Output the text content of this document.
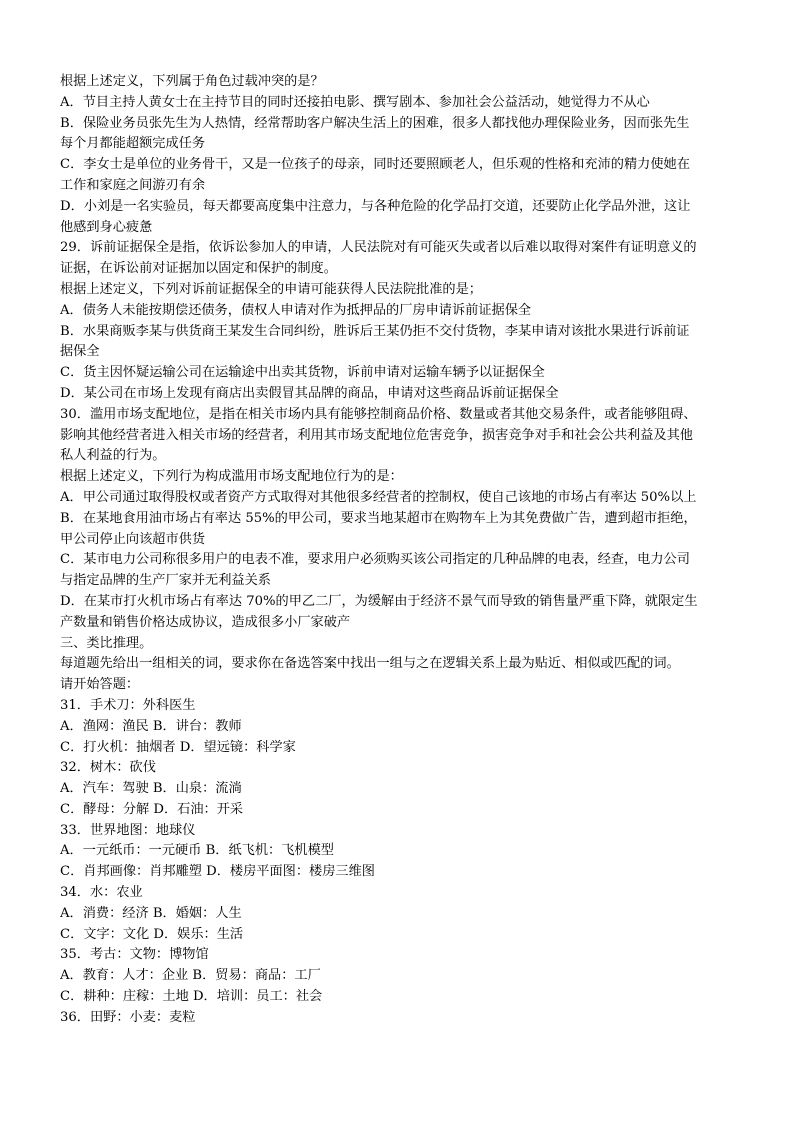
根据上述定义，下列属于角色过载冲突的是？
A．节目主持人黄女士在主持节目的同时还接拍电影、撰写剧本、参加社会公益活动，她觉得力不从心
B．保险业务员张先生为人热情，经常帮助客户解决生活上的困难，很多人都找他办理保险业务，因而张先生
每个月都能超额完成任务
C．李女士是单位的业务骨干，又是一位孩子的母亲，同时还要照顾老人，但乐观的性格和充沛的精力使她在
工作和家庭之间游刃有余
D．小刘是一名实验员，每天都要高度集中注意力，与各种危险的化学品打交道，还要防止化学品外泄，这让
他感到身心疲惫
29．诉前证据保全是指，依诉讼参加人的申请，人民法院对有可能灭失或者以后难以取得对案件有证明意义的
证据，在诉讼前对证据加以固定和保护的制度。
根据上述定义，下列对诉前证据保全的申请可能获得人民法院批准的是；
A．债务人未能按期偿还债务，债权人申请对作为抵押品的厂房申请诉前证据保全
B．水果商贩李某与供货商王某发生合同纠纷，胜诉后王某仍拒不交付货物，李某申请对该批水果进行诉前证
据保全
C．货主因怀疑运输公司在运输途中出卖其货物，诉前申请对运输车辆予以证据保全
D．某公司在市场上发现有商店出卖假冒其品牌的商品，申请对这些商品诉前证据保全
30．滥用市场支配地位，是指在相关市场内具有能够控制商品价格、数量或者其他交易条件，或者能够阻碍、
影响其他经营者进入相关市场的经营者，利用其市场支配地位危害竞争，损害竞争对手和社会公共利益及其他
私人利益的行为。
根据上述定义，下列行为构成滥用市场支配地位行为的是：
A．甲公司通过取得股权或者资产方式取得对其他很多经营者的控制权，使自己该地的市场占有率达 50%以上
B．在某地食用油市场占有率达 55%的甲公司，要求当地某超市在购物车上为其免费做广告，遭到超市拒绝，
甲公司停止向该超市供货
C．某市电力公司称很多用户的电表不准，要求用户必须购买该公司指定的几种品牌的电表，经查，电力公司
与指定品牌的生产厂家并无利益关系
D．在某市打火机市场占有率达 70%的甲乙二厂，为缓解由于经济不景气而导致的销售量严重下降，就限定生
产数量和销售价格达成协议，造成很多小厂家破产
三、类比推理。
每道题先给出一组相关的词，要求你在备选答案中找出一组与之在逻辑关系上最为贴近、相似或匹配的词。
请开始答题：
31．手术刀：外科医生
A．渔网：渔民 B．讲台：教师
C．打火机：抽烟者 D．望远镜：科学家
32．树木：砍伐
A．汽车：驾驶 B．山泉：流淌
C．酵母：分解 D．石油：开采
33．世界地图：地球仪
A．一元纸币：一元硬币 B．纸飞机：飞机模型
C．肖邦画像：肖邦雕塑 D．楼房平面图：楼房三维图
34．水：农业
A．消费：经济 B．婚姻：人生
C．文字：文化 D．娱乐：生活
35．考古：文物：博物馆
A．教育：人才：企业 B．贸易：商品：工厂
C．耕种：庄稼：土地 D．培训：员工：社会
36．田野：小麦：麦粒
